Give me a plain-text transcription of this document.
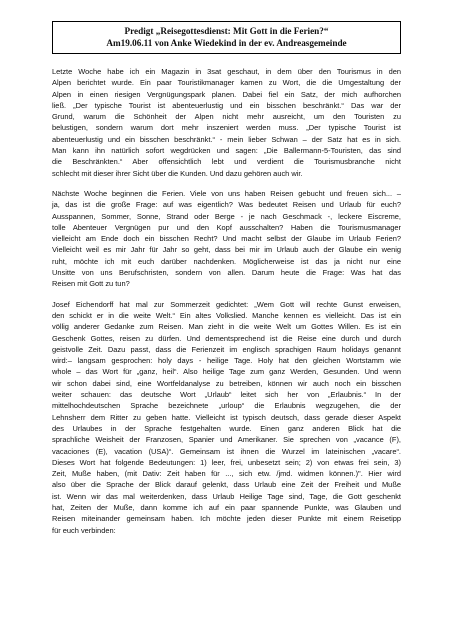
Predigt „Reisegottesdienst: Mit Gott in die Ferien?“
Am19.06.11 von Anke Wiedekind in der ev. Andreasgemeinde
Letzte Woche habe ich ein Magazin in 3sat geschaut, in dem über den Tourismus in den
Alpen berichtet wurde. Ein paar Touristikmanager kamen zu Wort, die die Umgestaltung der
Alpen in einen riesigen Vergnügungspark planen. Dabei fiel ein Satz, der mich aufhorchen
ließ. „Der typische Tourist ist abenteuerlustig und ein bisschen beschränkt.“ Das war der
Grund, warum die Schönheit der Alpen nicht mehr ausreicht, um den Touristen zu
belustigen, sondern warum dort mehr inszeniert werden muss. „Der typische Tourist ist
abenteuerlustig und ein bisschen beschränkt.“ - mein lieber Schwan – der Satz hat es in sich.
Man kann ihn natürlich sofort wegdrücken und sagen: „Die Ballermann-5-Touristen, das sind
die Beschränkten.“ Aber offensichtlich lebt und verdient die Tourismusbranche nicht
schlecht mit dieser ihrer Sicht über die Kunden. Und dazu gehören auch wir.
Nächste Woche beginnen die Ferien. Viele von uns haben Reisen gebucht und freuen sich... –
ja, das ist die große Frage: auf was eigentlich? Was bedeutet Reisen und Urlaub für euch?
Ausspannen, Sommer, Sonne, Strand oder Berge - je nach Geschmack -, leckere Eiscreme,
tolle Abenteuer Vergnügen pur und den Kopf ausschalten? Haben die Tourismusmanager
vielleicht am Ende doch ein bisschen Recht? Und macht selbst der Glaube im Urlaub Ferien?
Vielleicht weil es mir Jahr für Jahr so geht, dass bei mir im Urlaub auch der Glaube ein wenig
ruht, möchte ich mit euch darüber nachdenken. Möglicherweise ist das ja nicht nur eine
Unsitte von uns Berufschristen, sondern von allen. Darum heute die Frage: Was hat das
Reisen mit Gott zu tun?
Josef Eichendorff hat mal zur Sommerzeit gedichtet: „Wem Gott will rechte Gunst erweisen,
den schickt er in die weite Welt.“ Ein altes Volkslied. Manche kennen es vielleicht. Das ist ein
völlig anderer Gedanke zum Reisen. Man zieht in die weite Welt um Gottes Willen. Es ist ein
Geschenk Gottes, reisen zu dürfen. Und dementsprechend ist die Reise eine durch und durch
geistvolle Zeit. Dazu passt, dass die Ferienzeit im englisch sprachigen Raum holidays genannt
wird:– langsam gesprochen: holy days - heilige Tage. Holy hat den gleichen Wortstamm wie
whole – das Wort für „ganz, heil“. Also heilige Tage zum ganz Werden, Gesunden. Und wenn
wir schon dabei sind, eine Wortfeldanalyse zu betreiben, können wir auch noch ein bisschen
weiter schauen: das deutsche Wort „Urlaub“ leitet sich her von „Erlaubnis.“ In der
mittelhochdeutschen Sprache bezeichnete „urloup“ die Erlaubnis wegzugehen, die der
Lehnsherr dem Ritter zu geben hatte. Vielleicht ist typisch deutsch, dass gerade dieser Aspekt
des Urlaubes in der Sprache festgehalten wurde. Einen ganz anderen Blick hat die
sprachliche Weisheit der Franzosen, Spanier und Amerikaner. Sie sprechen von „vacance (F),
vacaciones (E), vacation (USA)“. Gemeinsam ist ihnen die Wurzel im lateinischen „vacare“.
Dieses Wort hat folgende Bedeutungen: 1) leer, frei, unbesetzt sein; 2) von etwas frei sein, 3)
Zeit, Muße haben, (mit Dativ: Zeit haben für ..., sich etw. /jmd. widmen können.)". Hier wird
also über die Sprache der Blick darauf gelenkt, dass Urlaub eine Zeit der Freiheit und Muße
ist. Wenn wir das mal weiterdenken, dass Urlaub Heilige Tage sind, Tage, die Gott geschenkt
hat, Zeiten der Muße, dann komme ich auf ein paar spannende Punkte, was Glauben und
Reisen miteinander gemeinsam haben. Ich möchte jeden dieser Punkte mit einem Reisetipp
für euch verbinden:
